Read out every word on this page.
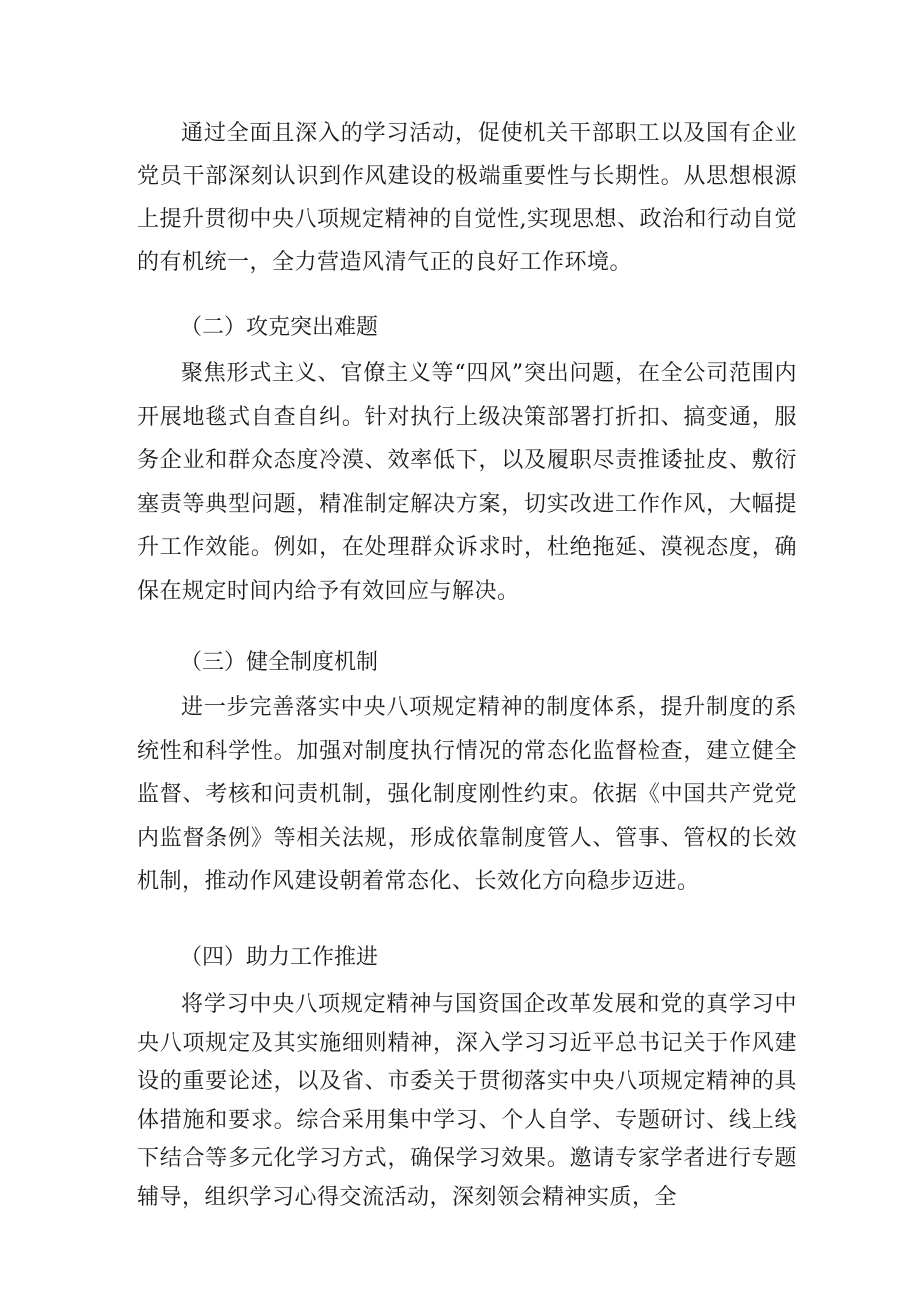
通过全面且深入的学习活动，促使机关干部职工以及国有企业党员干部深刻认识到作风建设的极端重要性与长期性。从思想根源上提升贯彻中央八项规定精神的自觉性,实现思想、政治和行动自觉的有机统一，全力营造风清气正的良好工作环境。

（二）攻克突出难题

聚焦形式主义、官僚主义等“四风”突出问题，在全公司范围内开展地毯式自查自纠。针对执行上级决策部署打折扣、搞变通，服务企业和群众态度冷漠、效率低下，以及履职尽责推诿扯皮、敷衍塞责等典型问题，精准制定解决方案，切实改进工作作风，大幅提升工作效能。例如，在处理群众诉求时，杜绝拖延、漠视态度，确保在规定时间内给予有效回应与解决。

（三）健全制度机制

进一步完善落实中央八项规定精神的制度体系，提升制度的系统性和科学性。加强对制度执行情况的常态化监督检查，建立健全监督、考核和问责机制，强化制度刚性约束。依据《中国共产党党内监督条例》等相关法规，形成依靠制度管人、管事、管权的长效机制，推动作风建设朝着常态化、长效化方向稳步迈进。

（四）助力工作推进

将学习中央八项规定精神与国资国企改革发展和党的真学习中央八项规定及其实施细则精神，深入学习习近平总书记关于作风建设的重要论述，以及省、市委关于贯彻落实中央八项规定精神的具体措施和要求。综合采用集中学习、个人自学、专题研讨、线上线下结合等多元化学习方式，确保学习效果。邀请专家学者进行专题辅导，组织学习心得交流活动，深刻领会精神实质，全
